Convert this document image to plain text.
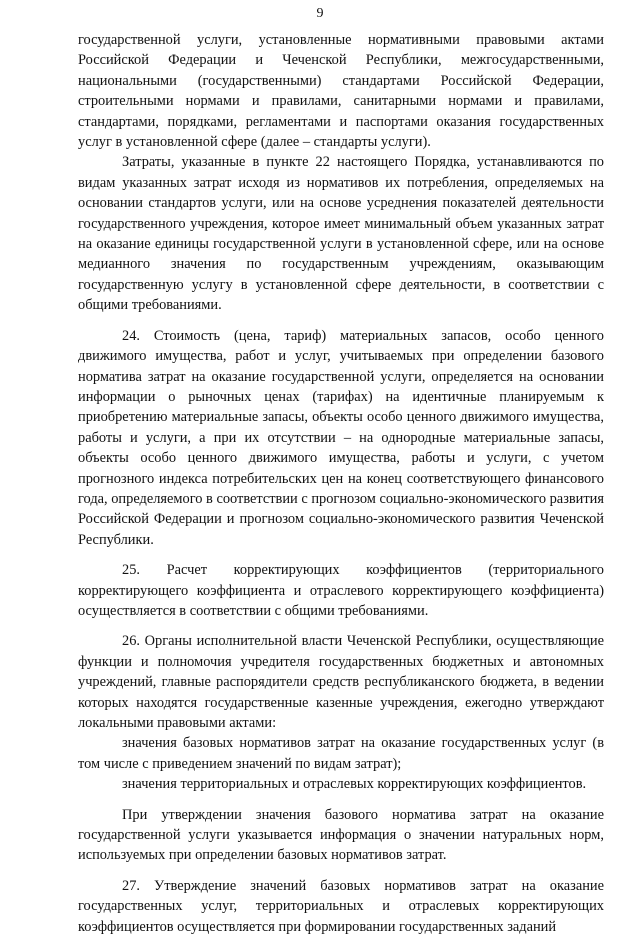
9

государственной услуги, установленные нормативными правовыми актами Российской Федерации и Чеченской Республики, межгосударственными, национальными (государственными) стандартами Российской Федерации, строительными нормами и правилами, санитарными нормами и правилами, стандартами, порядками, регламентами и паспортами оказания государственных услуг в установленной сфере (далее – стандарты услуги).

Затраты, указанные в пункте 22 настоящего Порядка, устанавливаются по видам указанных затрат исходя из нормативов их потребления, определяемых на основании стандартов услуги, или на основе усреднения показателей деятельности государственного учреждения, которое имеет минимальный объем указанных затрат на оказание единицы государственной услуги в установленной сфере, или на основе медианного значения по государственным учреждениям, оказывающим государственную услугу в установленной сфере деятельности, в соответствии с общими требованиями.

24. Стоимость (цена, тариф) материальных запасов, особо ценного движимого имущества, работ и услуг, учитываемых при определении базового норматива затрат на оказание государственной услуги, определяется на основании информации о рыночных ценах (тарифах) на идентичные планируемым к приобретению материальные запасы, объекты особо ценного движимого имущества, работы и услуги, а при их отсутствии – на однородные материальные запасы, объекты особо ценного движимого имущества, работы и услуги, с учетом прогнозного индекса потребительских цен на конец соответствующего финансового года, определяемого в соответствии с прогнозом социально-экономического развития Российской Федерации и прогнозом социально-экономического развития Чеченской Республики.

25. Расчет корректирующих коэффициентов (территориального корректирующего коэффициента и отраслевого корректирующего коэффициента) осуществляется в соответствии с общими требованиями.

26. Органы исполнительной власти Чеченской Республики, осуществляющие функции и полномочия учредителя государственных бюджетных и автономных учреждений, главные распорядители средств республиканского бюджета, в ведении которых находятся государственные казенные учреждения, ежегодно утверждают локальными правовыми актами:

значения базовых нормативов затрат на оказание государственных услуг (в том числе с приведением значений по видам затрат);

значения территориальных и отраслевых корректирующих коэффициентов.

При утверждении значения базового норматива затрат на оказание государственной услуги указывается информация о значении натуральных норм, используемых при определении базовых нормативов затрат.

27. Утверждение значений базовых нормативов затрат на оказание государственных услуг, территориальных и отраслевых корректирующих коэффициентов осуществляется при формировании государственных заданий
